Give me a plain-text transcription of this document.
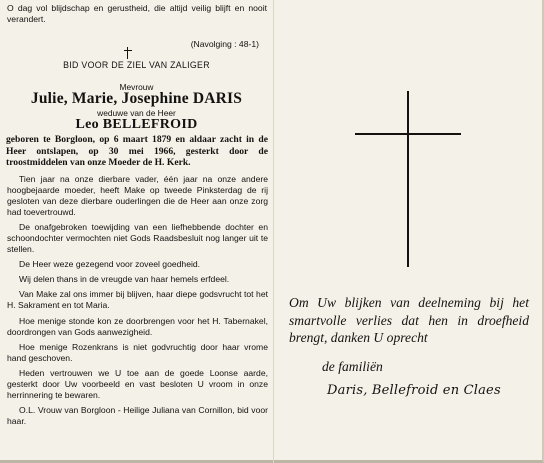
O dag vol blijdschap en gerustheid, die altijd veilig blijft en nooit verandert.
(Navolging : 48-1)
BID VOOR DE ZIEL VAN ZALIGER
Mevrouw
Julie, Marie, Josephine DARIS
weduwe van de Heer
Leo BELLEFROID
geboren te Borgloon, op 6 maart 1879 en aldaar zacht in de Heer ontslapen, op 30 mei 1966, gesterkt door de troostmiddelen van onze Moeder de H. Kerk.

Tien jaar na onze dierbare vader, één jaar na onze andere hoogbejaarde moeder, heeft Make op tweede Pinksterdag de rij gesloten van deze dierbare ouderlingen die de Heer aan onze zorg had toevertrouwd.

De onafgebroken toewijding van een liefhebbende dochter en schoondochter vermochten niet Gods Raadsbesluit nog langer uit te stellen.

De Heer weze gezegend voor zoveel goedheid.

Wij delen thans in de vreugde van haar hemels erfdeel.

Van Make zal ons immer bij blijven, haar diepe godsvrucht tot het H. Sakrament en tot Maria.

Hoe menige stonde kon ze doorbrengen voor het H. Tabernakel, doordrongen van Gods aanwezigheid.

Hoe menige Rozenkrans is niet godvruchtig door haar vrome hand geschoven.

Heden vertrouwen we U toe aan de goede Loonse aarde, gesterkt door Uw voorbeeld en vast besloten U vroom in onze herrinnering te bewaren.

O.L. Vrouw van Borgloon - Heilige Juliana van Cornillon, bid voor haar.

Om Uw blijken van deelneming bij het smartvolle verlies dat hen in droefheid brengt, danken U oprecht
de familiën
Daris, Bellefroid en Claes
